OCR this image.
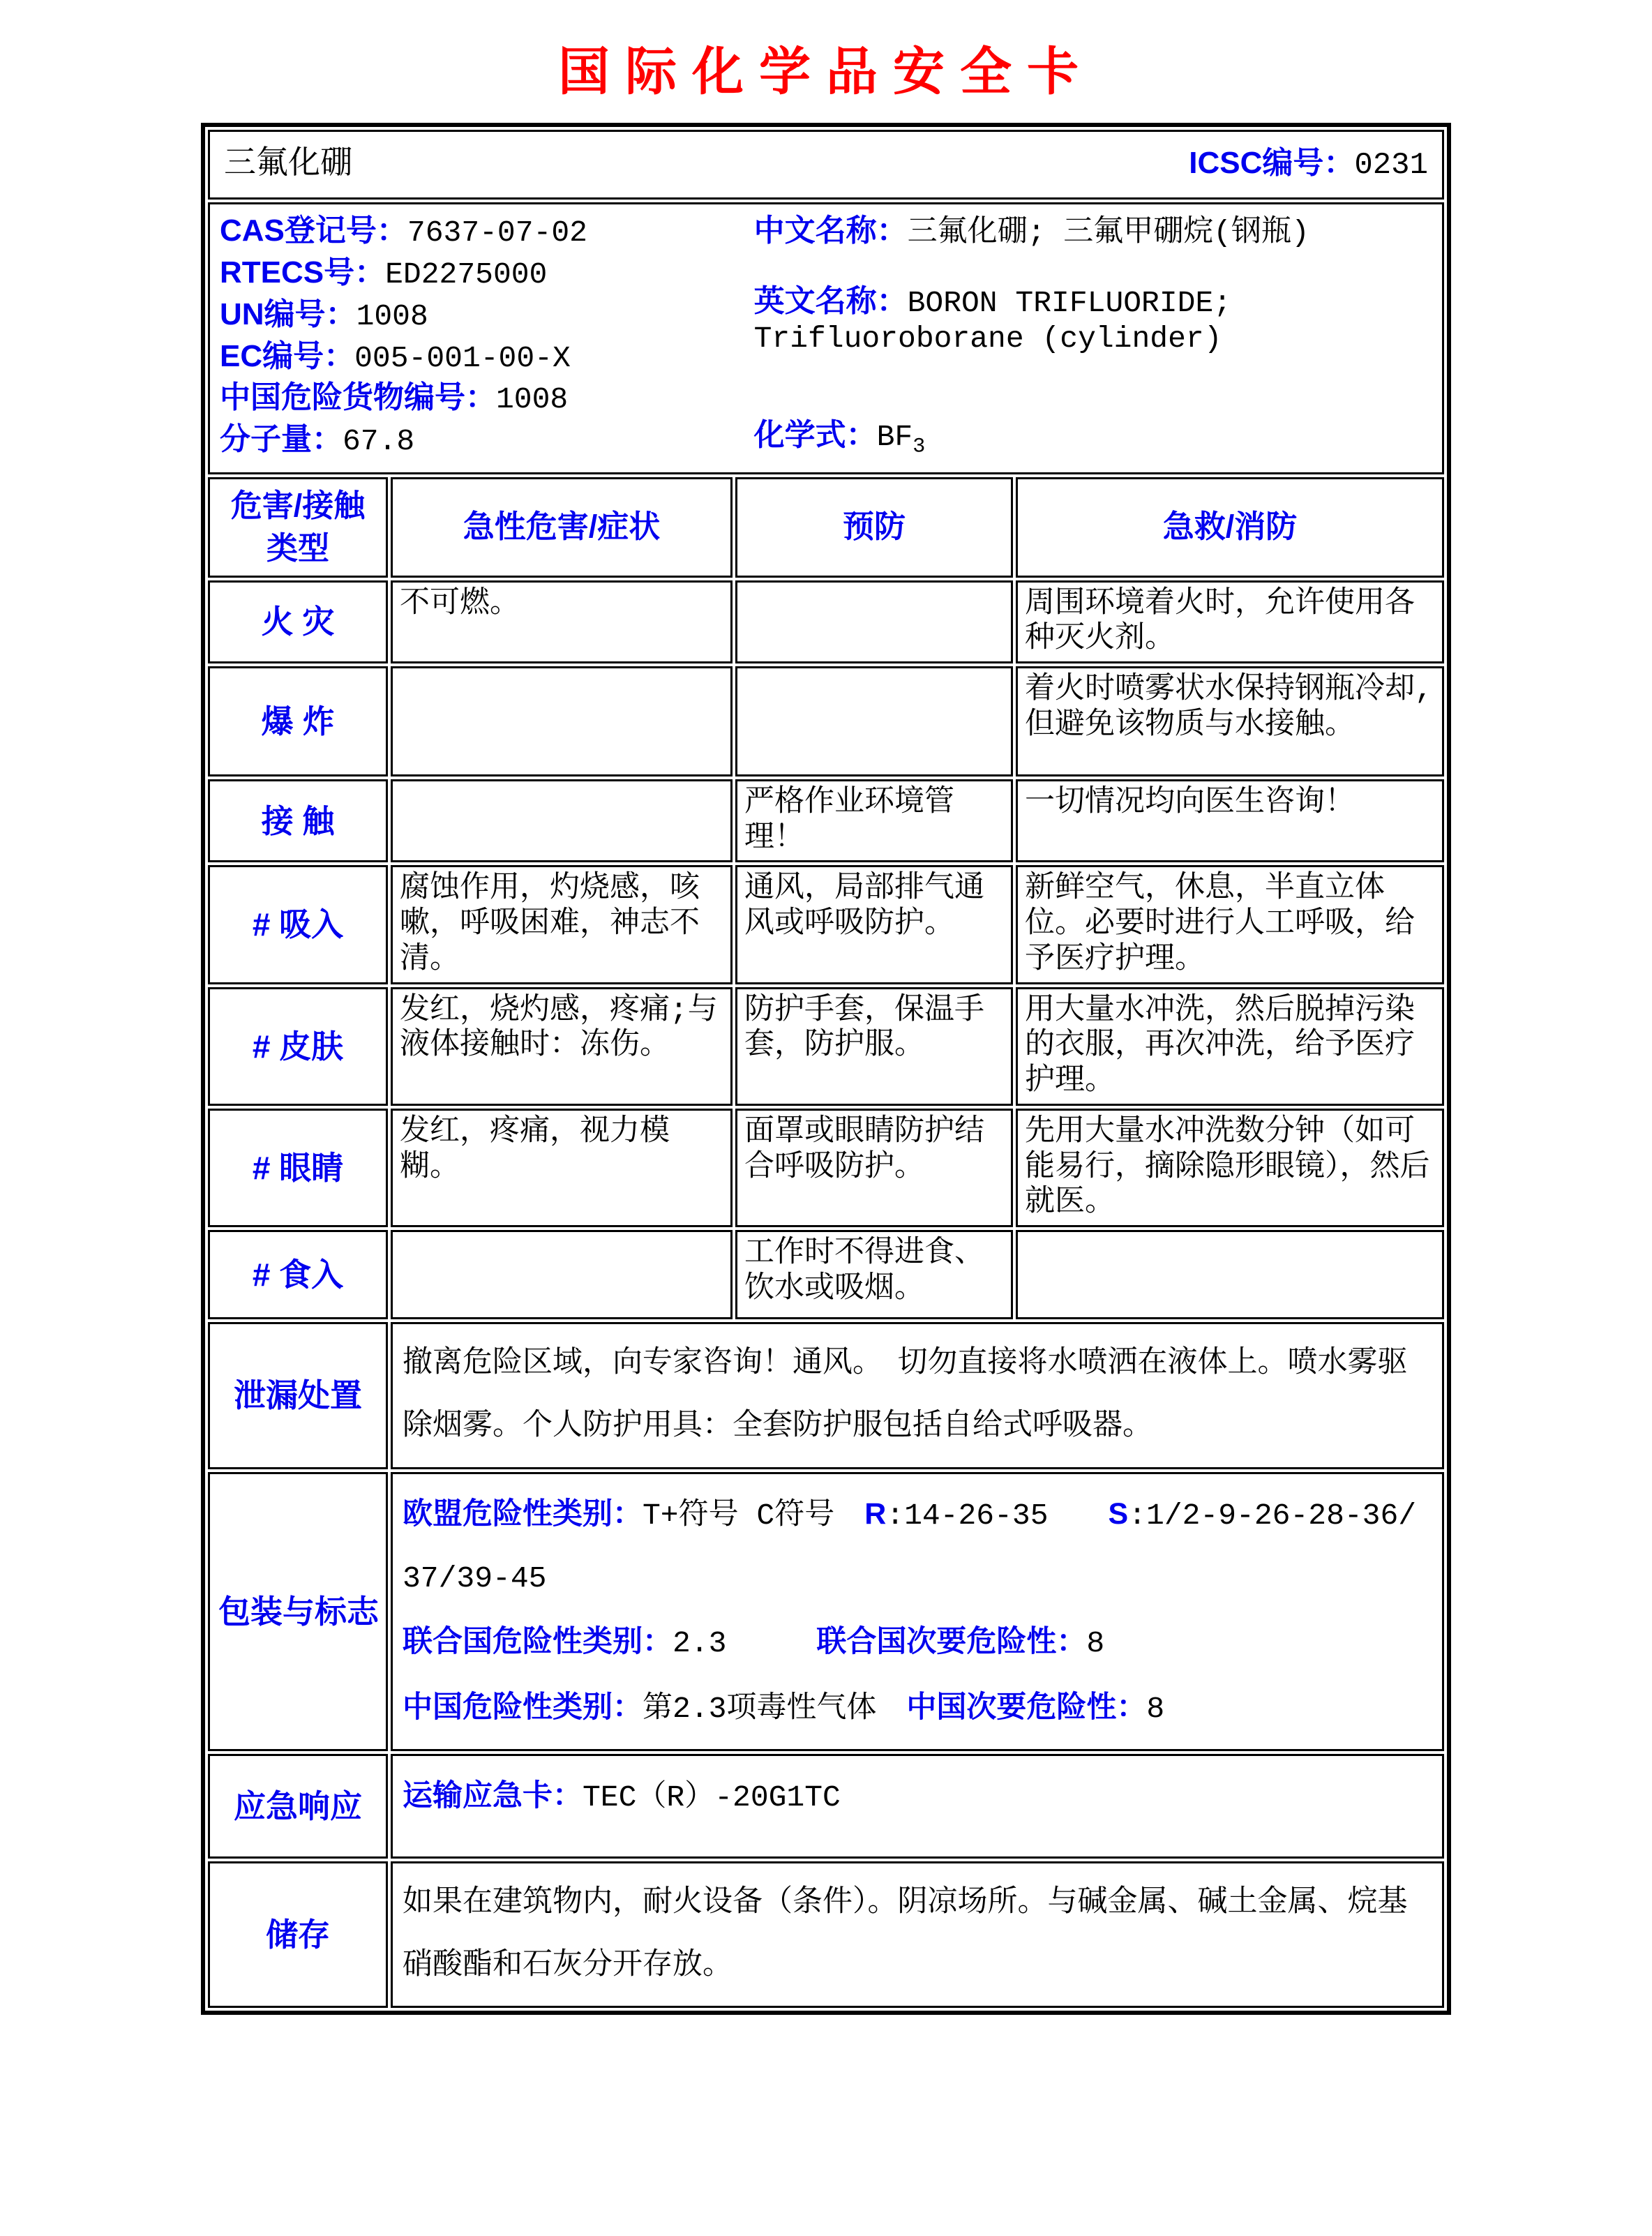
国际化学品安全卡
三氟化硼 ICSC编号：0231			

CAS登记号：7637-07-02
RTECS号：ED2275000
UN编号：1008
EC编号：005-001-00-X
中国危险货物编号：1008
分子量：67.8

中文名称：三氟化硼; 三氟甲硼烷(钢瓶)

英文名称：BORON TRIFLUORIDE; Trifluoroborane (cylinder)

化学式：$BF_3$

危害/接触
类型	急性危害/症状	预防	急救/消防
火 灾	不可燃。		周围环境着火时，允许使用各种灭火剂。
爆 炸			着火时喷雾状水保持钢瓶冷却,但避免该物质与水接触。
接 触		严格作业环境管理！	一切情况均向医生咨询！
# 吸入	腐蚀作用，灼烧感，咳嗽，呼吸困难，神志不清。	通风，局部排气通风或呼吸防护。	新鲜空气，休息，半直立体位。必要时进行人工呼吸，给予医疗护理。
# 皮肤	发红，烧灼感，疼痛;与液体接触时：冻伤。	防护手套，保温手套，防护服。	用大量水冲洗，然后脱掉污染的衣服，再次冲洗，给予医疗护理。
# 眼睛	发红，疼痛，视力模糊。	面罩或眼睛防护结合呼吸防护。	先用大量水冲洗数分钟（如可能易行，摘除隐形眼镜），然后就医。
# 食入		工作时不得进食、饮水或吸烟。	
泄漏处置	撤离危险区域，向专家咨询！通风。　切勿直接将水喷洒在液体上。喷水雾驱除烟雾。个人防护用具：全套防护服包括自给式呼吸器。		
包装与标志	欧盟危险性类别：T+符号 C符号　R:14-26-35　　S:1/2-9-26-28-36/37/39-45
联合国危险性类别：2.3　　　联合国次要危险性：8
中国危险性类别：第2.3项毒性气体　中国次要危险性：8		

应急响应	运输应急卡：TEC（R）-20G1TC		
储存	如果在建筑物内，耐火设备（条件）。阴凉场所。与碱金属、碱土金属、烷基硝酸酯和石灰分开存放。		
